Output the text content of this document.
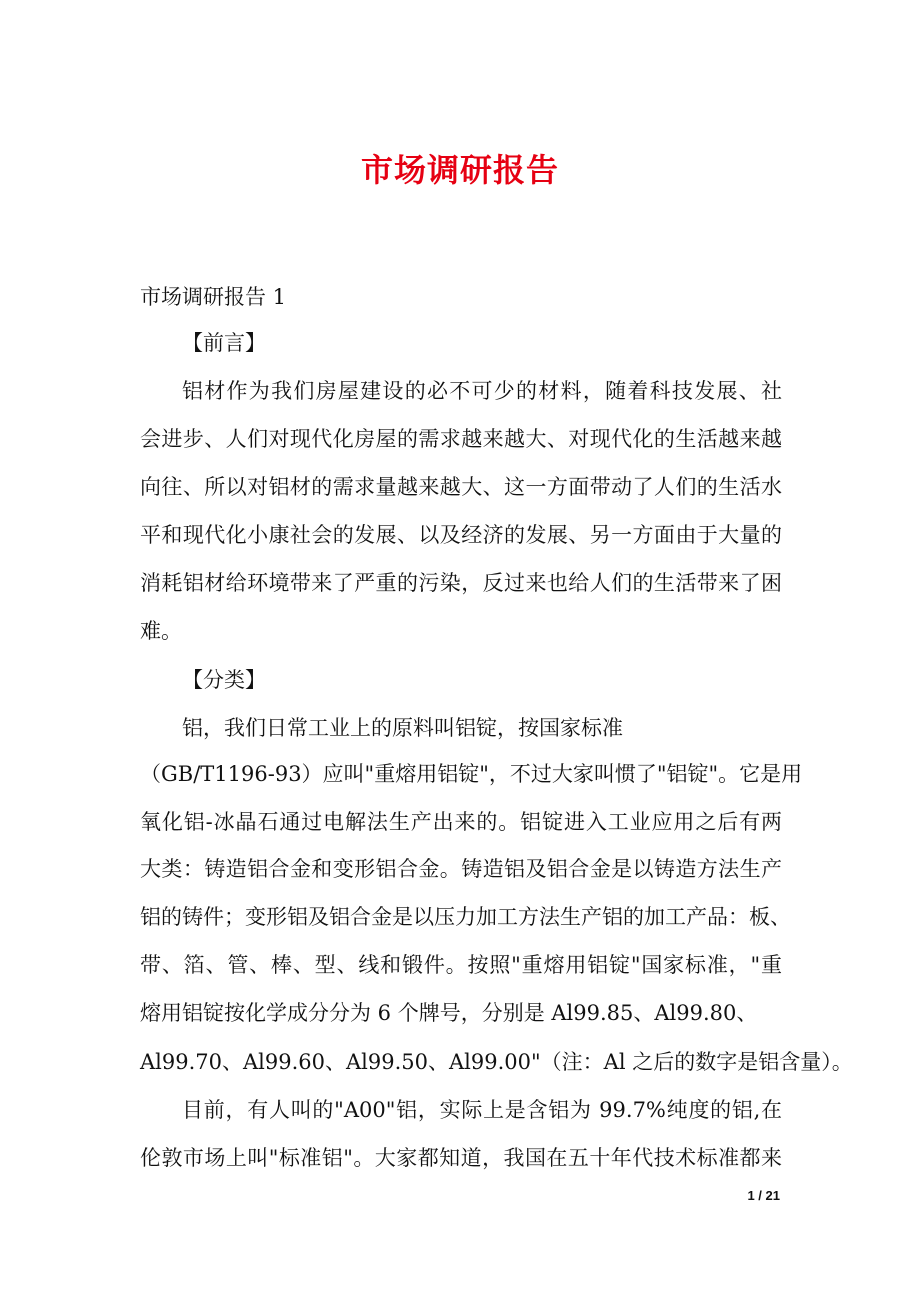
市场调研报告
市场调研报告 1
【前言】
铝材作为我们房屋建设的必不可少的材料，随着科技发展、社
会进步、人们对现代化房屋的需求越来越大、对现代化的生活越来越
向往、所以对铝材的需求量越来越大、这一方面带动了人们的生活水
平和现代化小康社会的发展、以及经济的发展、另一方面由于大量的
消耗铝材给环境带来了严重的污染，反过来也给人们的生活带来了困
难。
【分类】
铝，我们日常工业上的原料叫铝锭，按国家标准
（GB/T1196-93）应叫"重熔用铝锭"，不过大家叫惯了"铝锭"。它是用
氧化铝-冰晶石通过电解法生产出来的。铝锭进入工业应用之后有两
大类：铸造铝合金和变形铝合金。铸造铝及铝合金是以铸造方法生产
铝的铸件；变形铝及铝合金是以压力加工方法生产铝的加工产品：板、
带、箔、管、棒、型、线和锻件。按照"重熔用铝锭"国家标准，"重
熔用铝锭按化学成分分为 6 个牌号，分别是 Al99.85、Al99.80、
Al99.70、Al99.60、Al99.50、Al99.00"（注：Al 之后的数字是铝含量）。
目前，有人叫的"A00"铝，实际上是含铝为 99.7%纯度的铝,在
伦敦市场上叫"标准铝"。大家都知道，我国在五十年代技术标准都来
1 / 21
